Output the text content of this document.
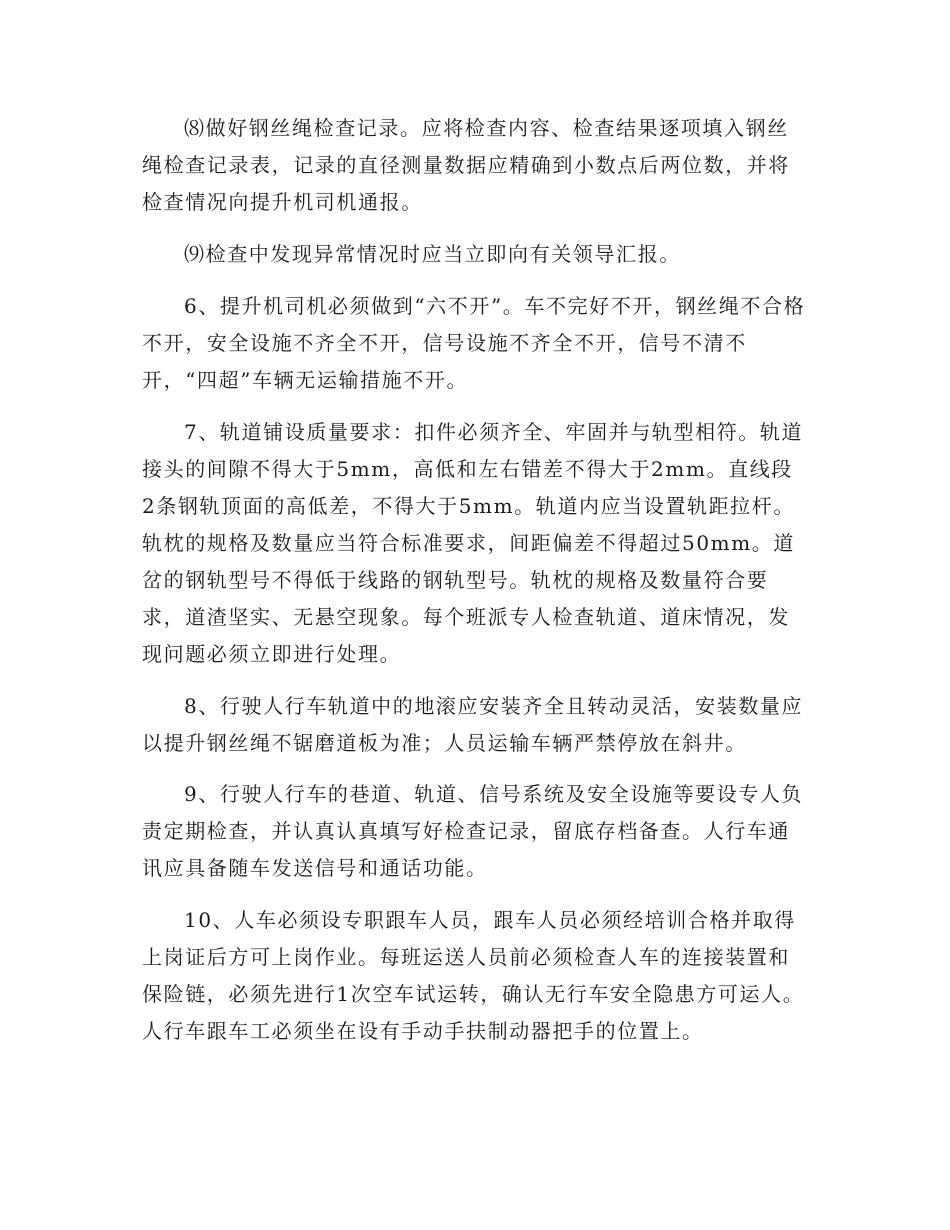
⑻做好钢丝绳检查记录。应将检查内容、检查结果逐项填入钢丝绳检查记录表，记录的直径测量数据应精确到小数点后两位数，并将检查情况向提升机司机通报。

⑼检查中发现异常情况时应当立即向有关领导汇报。

6、提升机司机必须做到“六不开”。车不完好不开，钢丝绳不合格不开，安全设施不齐全不开，信号设施不齐全不开，信号不清不开，“四超”车辆无运输措施不开。

7、轨道铺设质量要求：扣件必须齐全、牢固并与轨型相符。轨道接头的间隙不得大于5mm，高低和左右错差不得大于2mm。直线段2条钢轨顶面的高低差，不得大于5mm。轨道内应当设置轨距拉杆。轨枕的规格及数量应当符合标准要求，间距偏差不得超过50mm。道岔的钢轨型号不得低于线路的钢轨型号。轨枕的规格及数量符合要求，道渣坚实、无悬空现象。每个班派专人检查轨道、道床情况，发现问题必须立即进行处理。

8、行驶人行车轨道中的地滚应安装齐全且转动灵活，安装数量应以提升钢丝绳不锯磨道板为准；人员运输车辆严禁停放在斜井。

9、行驶人行车的巷道、轨道、信号系统及安全设施等要设专人负责定期检查，并认真认真填写好检查记录，留底存档备查。人行车通讯应具备随车发送信号和通话功能。

10、人车必须设专职跟车人员，跟车人员必须经培训合格并取得上岗证后方可上岗作业。每班运送人员前必须检查人车的连接装置和保险链，必须先进行1次空车试运转，确认无行车安全隐患方可运人。人行车跟车工必须坐在设有手动手扶制动器把手的位置上。
